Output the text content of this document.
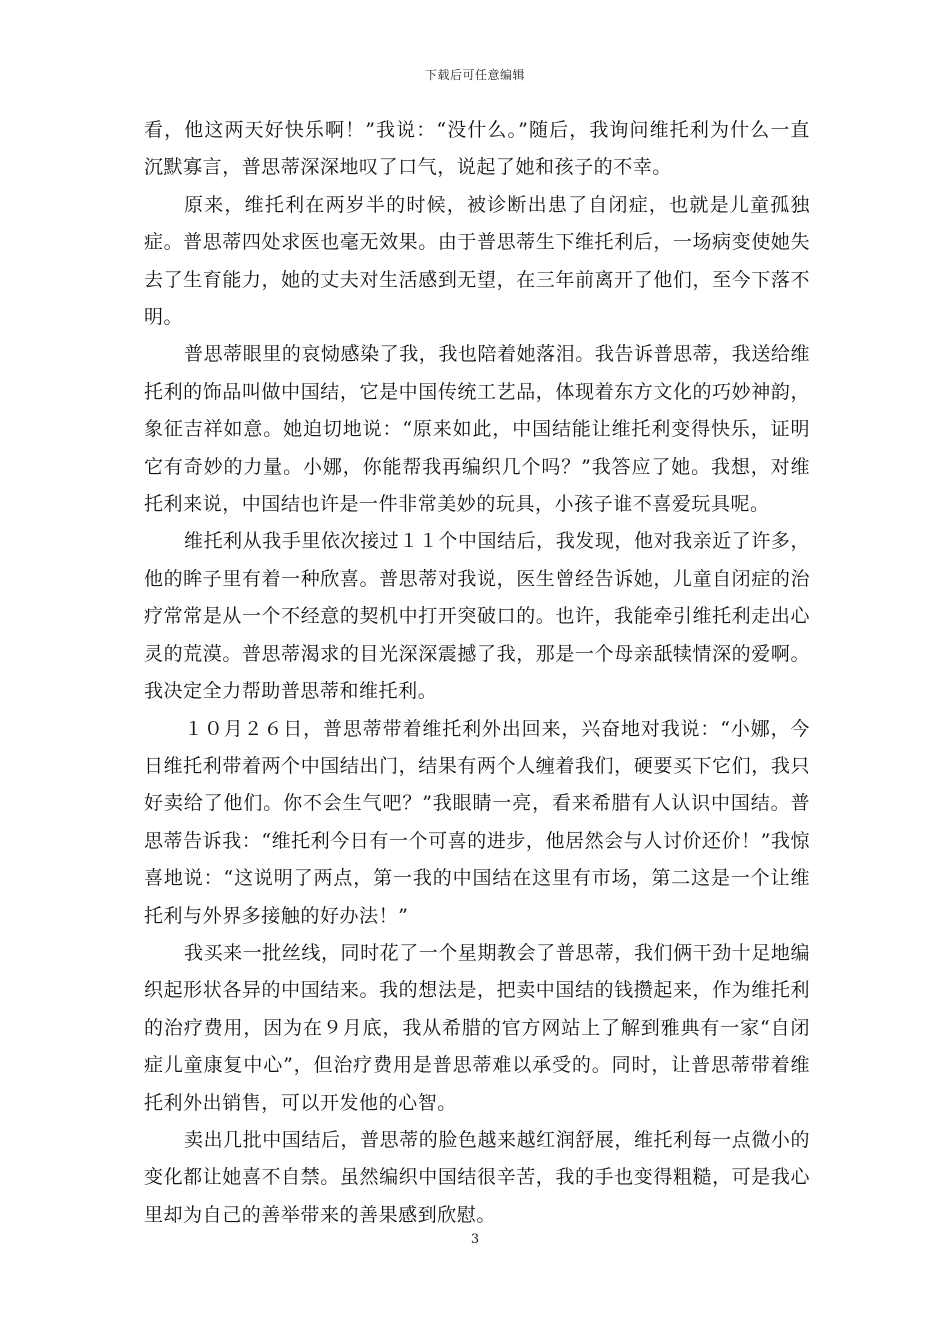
下载后可任意编辑

看，他这两天好快乐啊！”我说：“没什么。”随后，我询问维托利为什么一直沉默寡言，普思蒂深深地叹了口气，说起了她和孩子的不幸。

原来，维托利在两岁半的时候，被诊断出患了自闭症，也就是儿童孤独症。普思蒂四处求医也毫无效果。由于普思蒂生下维托利后，一场病变使她失去了生育能力，她的丈夫对生活感到无望，在三年前离开了他们，至今下落不明。

普思蒂眼里的哀恸感染了我，我也陪着她落泪。我告诉普思蒂，我送给维托利的饰品叫做中国结，它是中国传统工艺品，体现着东方文化的巧妙神韵，象征吉祥如意。她迫切地说：“原来如此，中国结能让维托利变得快乐，证明它有奇妙的力量。小娜，你能帮我再编织几个吗？”我答应了她。我想，对维托利来说，中国结也许是一件非常美妙的玩具，小孩子谁不喜爱玩具呢。

维托利从我手里依次接过１１个中国结后，我发现，他对我亲近了许多，他的眸子里有着一种欣喜。普思蒂对我说，医生曾经告诉她，儿童自闭症的治疗常常是从一个不经意的契机中打开突破口的。也许，我能牵引维托利走出心灵的荒漠。普思蒂渴求的目光深深震撼了我，那是一个母亲舐犊情深的爱啊。我决定全力帮助普思蒂和维托利。

１０月２６日，普思蒂带着维托利外出回来，兴奋地对我说：“小娜，今日维托利带着两个中国结出门，结果有两个人缠着我们，硬要买下它们，我只好卖给了他们。你不会生气吧？”我眼睛一亮，看来希腊有人认识中国结。普思蒂告诉我：“维托利今日有一个可喜的进步，他居然会与人讨价还价！”我惊喜地说：“这说明了两点，第一我的中国结在这里有市场，第二这是一个让维托利与外界多接触的好办法！”

我买来一批丝线，同时花了一个星期教会了普思蒂，我们俩干劲十足地编织起形状各异的中国结来。我的想法是，把卖中国结的钱攒起来，作为维托利的治疗费用，因为在９月底，我从希腊的官方网站上了解到雅典有一家“自闭症儿童康复中心”，但治疗费用是普思蒂难以承受的。同时，让普思蒂带着维托利外出销售，可以开发他的心智。

卖出几批中国结后，普思蒂的脸色越来越红润舒展，维托利每一点微小的变化都让她喜不自禁。虽然编织中国结很辛苦，我的手也变得粗糙，可是我心里却为自己的善举带来的善果感到欣慰。

3
